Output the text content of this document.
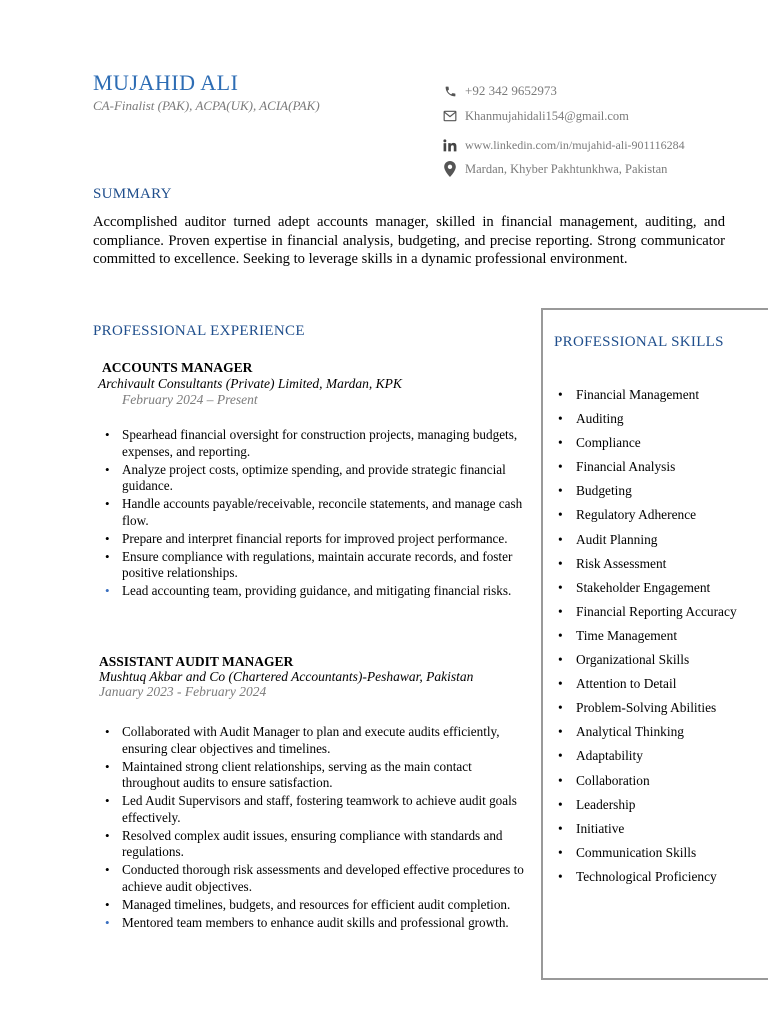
MUJAHID ALI
CA-Finalist (PAK), ACPA(UK), ACIA(PAK)
+92 342 9652973
Khanmujahidali154@gmail.com
www.linkedin.com/in/mujahid-ali-901116284
Mardan, Khyber Pakhtunkhwa, Pakistan
SUMMARY
Accomplished auditor turned adept accounts manager, skilled in financial management, auditing, and compliance. Proven expertise in financial analysis, budgeting, and precise reporting. Strong communicator committed to excellence. Seeking to leverage skills in a dynamic professional environment.
PROFESSIONAL EXPERIENCE
ACCOUNTS MANAGER
Archivault Consultants (Private) Limited, Mardan, KPK
February 2024 – Present
• Spearhead financial oversight for construction projects, managing budgets, expenses, and reporting.
• Analyze project costs, optimize spending, and provide strategic financial guidance.
• Handle accounts payable/receivable, reconcile statements, and manage cash flow.
• Prepare and interpret financial reports for improved project performance.
• Ensure compliance with regulations, maintain accurate records, and foster positive relationships.
• Lead accounting team, providing guidance, and mitigating financial risks.
ASSISTANT AUDIT MANAGER
Mushtuq Akbar and Co (Chartered Accountants)-Peshawar, Pakistan
January 2023 - February 2024
• Collaborated with Audit Manager to plan and execute audits efficiently, ensuring clear objectives and timelines.
• Maintained strong client relationships, serving as the main contact throughout audits to ensure satisfaction.
• Led Audit Supervisors and staff, fostering teamwork to achieve audit goals effectively.
• Resolved complex audit issues, ensuring compliance with standards and regulations.
• Conducted thorough risk assessments and developed effective procedures to achieve audit objectives.
• Managed timelines, budgets, and resources for efficient audit completion.
• Mentored team members to enhance audit skills and professional growth.
PROFESSIONAL SKILLS
• Financial Management
• Auditing
• Compliance
• Financial Analysis
• Budgeting
• Regulatory Adherence
• Audit Planning
• Risk Assessment
• Stakeholder Engagement
• Financial Reporting Accuracy
• Time Management
• Organizational Skills
• Attention to Detail
• Problem-Solving Abilities
• Analytical Thinking
• Adaptability
• Collaboration
• Leadership
• Initiative
• Communication Skills
• Technological Proficiency
